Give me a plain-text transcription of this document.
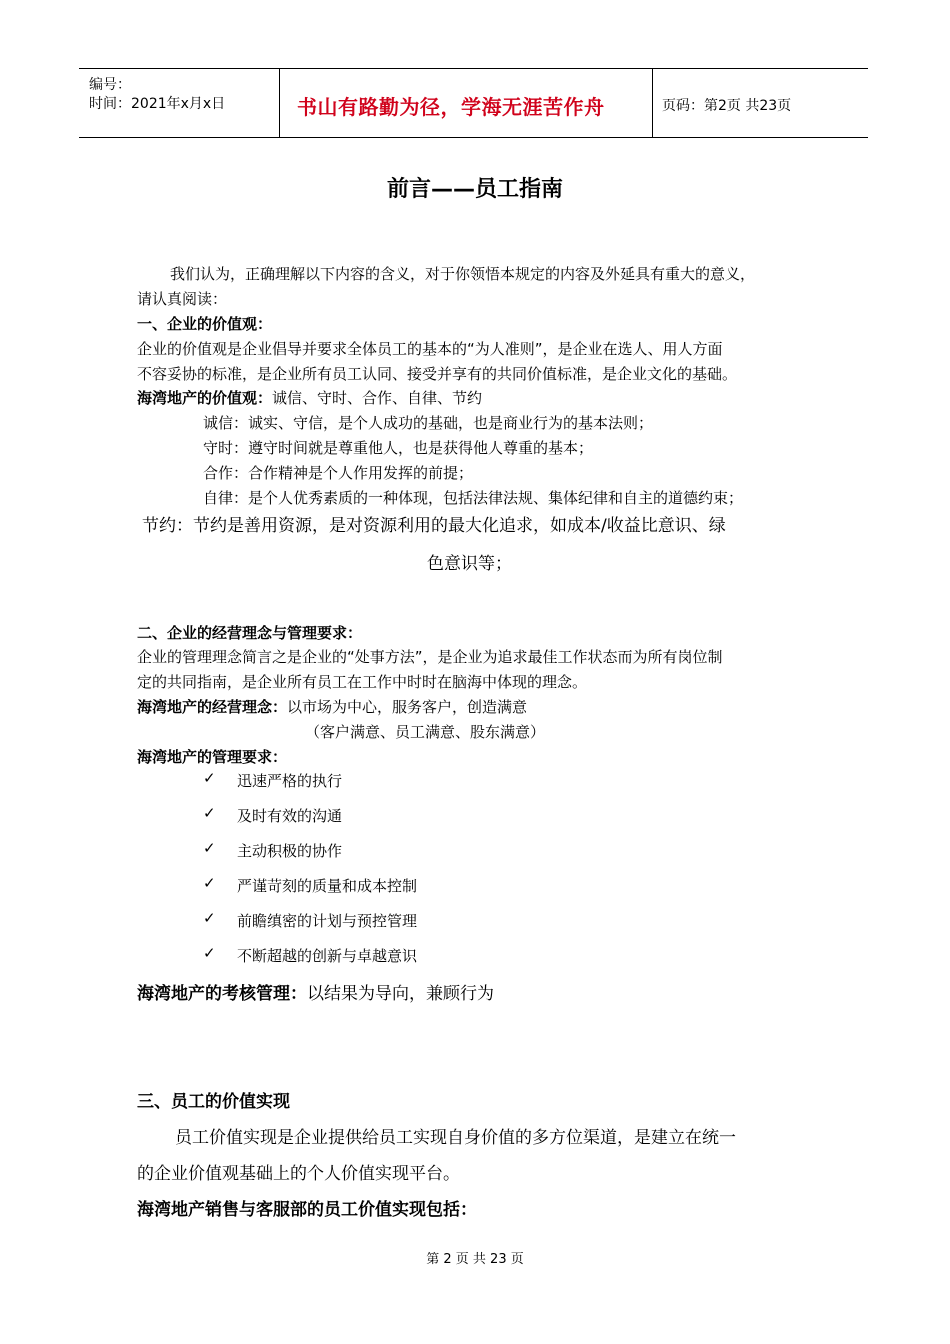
编号：
时间：2021年x月x日	书山有路勤为径，学海无涯苦作舟	页码：第2页 共23页
前言——员工指南
我们认为，正确理解以下内容的含义，对于你领悟本规定的内容及外延具有重大的意义，
请认真阅读：
一、企业的价值观：
企业的价值观是企业倡导并要求全体员工的基本的“为人准则”，是企业在选人、用人方面
不容妥协的标准，是企业所有员工认同、接受并享有的共同价值标准，是企业文化的基础。
海湾地产的价值观：诚信、守时、合作、自律、节约
诚信：诚实、守信，是个人成功的基础，也是商业行为的基本法则；
守时：遵守时间就是尊重他人，也是获得他人尊重的基本；
合作：合作精神是个人作用发挥的前提；
自律：是个人优秀素质的一种体现，包括法律法规、集体纪律和自主的道德约束；
节约：节约是善用资源，是对资源利用的最大化追求，如成本/收益比意识、绿
色意识等；
二、企业的经营理念与管理要求：
企业的管理理念简言之是企业的“处事方法”，是企业为追求最佳工作状态而为所有岗位制
定的共同指南，是企业所有员工在工作中时时在脑海中体现的理念。
海湾地产的经营理念：以市场为中心，服务客户，创造满意
（客户满意、员工满意、股东满意）
海湾地产的管理要求：
✓ 迅速严格的执行
✓ 及时有效的沟通
✓ 主动积极的协作
✓ 严谨苛刻的质量和成本控制
✓ 前瞻缜密的计划与预控管理
✓ 不断超越的创新与卓越意识
海湾地产的考核管理：以结果为导向，兼顾行为
三、员工的价值实现
员工价值实现是企业提供给员工实现自身价值的多方位渠道，是建立在统一
的企业价值观基础上的个人价值实现平台。
海湾地产销售与客服部的员工价值实现包括：
第 2 页 共 23 页
